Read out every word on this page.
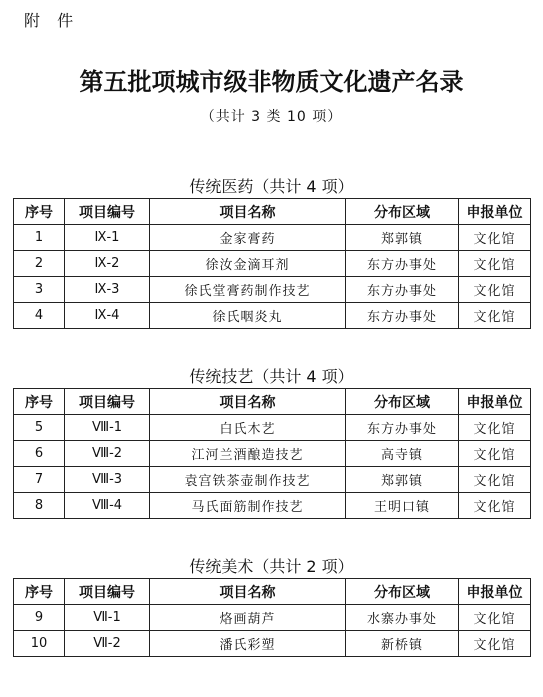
附 件
第五批项城市级非物质文化遗产名录
（共计 3 类 10 项）
传统医药（共计 4 项）
序号	项目编号	项目名称	分布区域	申报单位
1	Ⅸ-1	金家膏药	郑郭镇	文化馆
2	Ⅸ-2	徐汝金滴耳剂	东方办事处	文化馆
3	Ⅸ-3	徐氏堂膏药制作技艺	东方办事处	文化馆
4	Ⅸ-4	徐氏咽炎丸	东方办事处	文化馆
传统技艺（共计 4 项）
序号	项目编号	项目名称	分布区域	申报单位
5	Ⅷ-1	白氏木艺	东方办事处	文化馆
6	Ⅷ-2	江河兰酒酿造技艺	高寺镇	文化馆
7	Ⅷ-3	袁宫铁茶壶制作技艺	郑郭镇	文化馆
8	Ⅷ-4	马氏面筋制作技艺	王明口镇	文化馆
传统美术（共计 2 项）
序号	项目编号	项目名称	分布区域	申报单位
9	Ⅶ-1	烙画葫芦	水寨办事处	文化馆
10	Ⅶ-2	潘氏彩塑	新桥镇	文化馆
